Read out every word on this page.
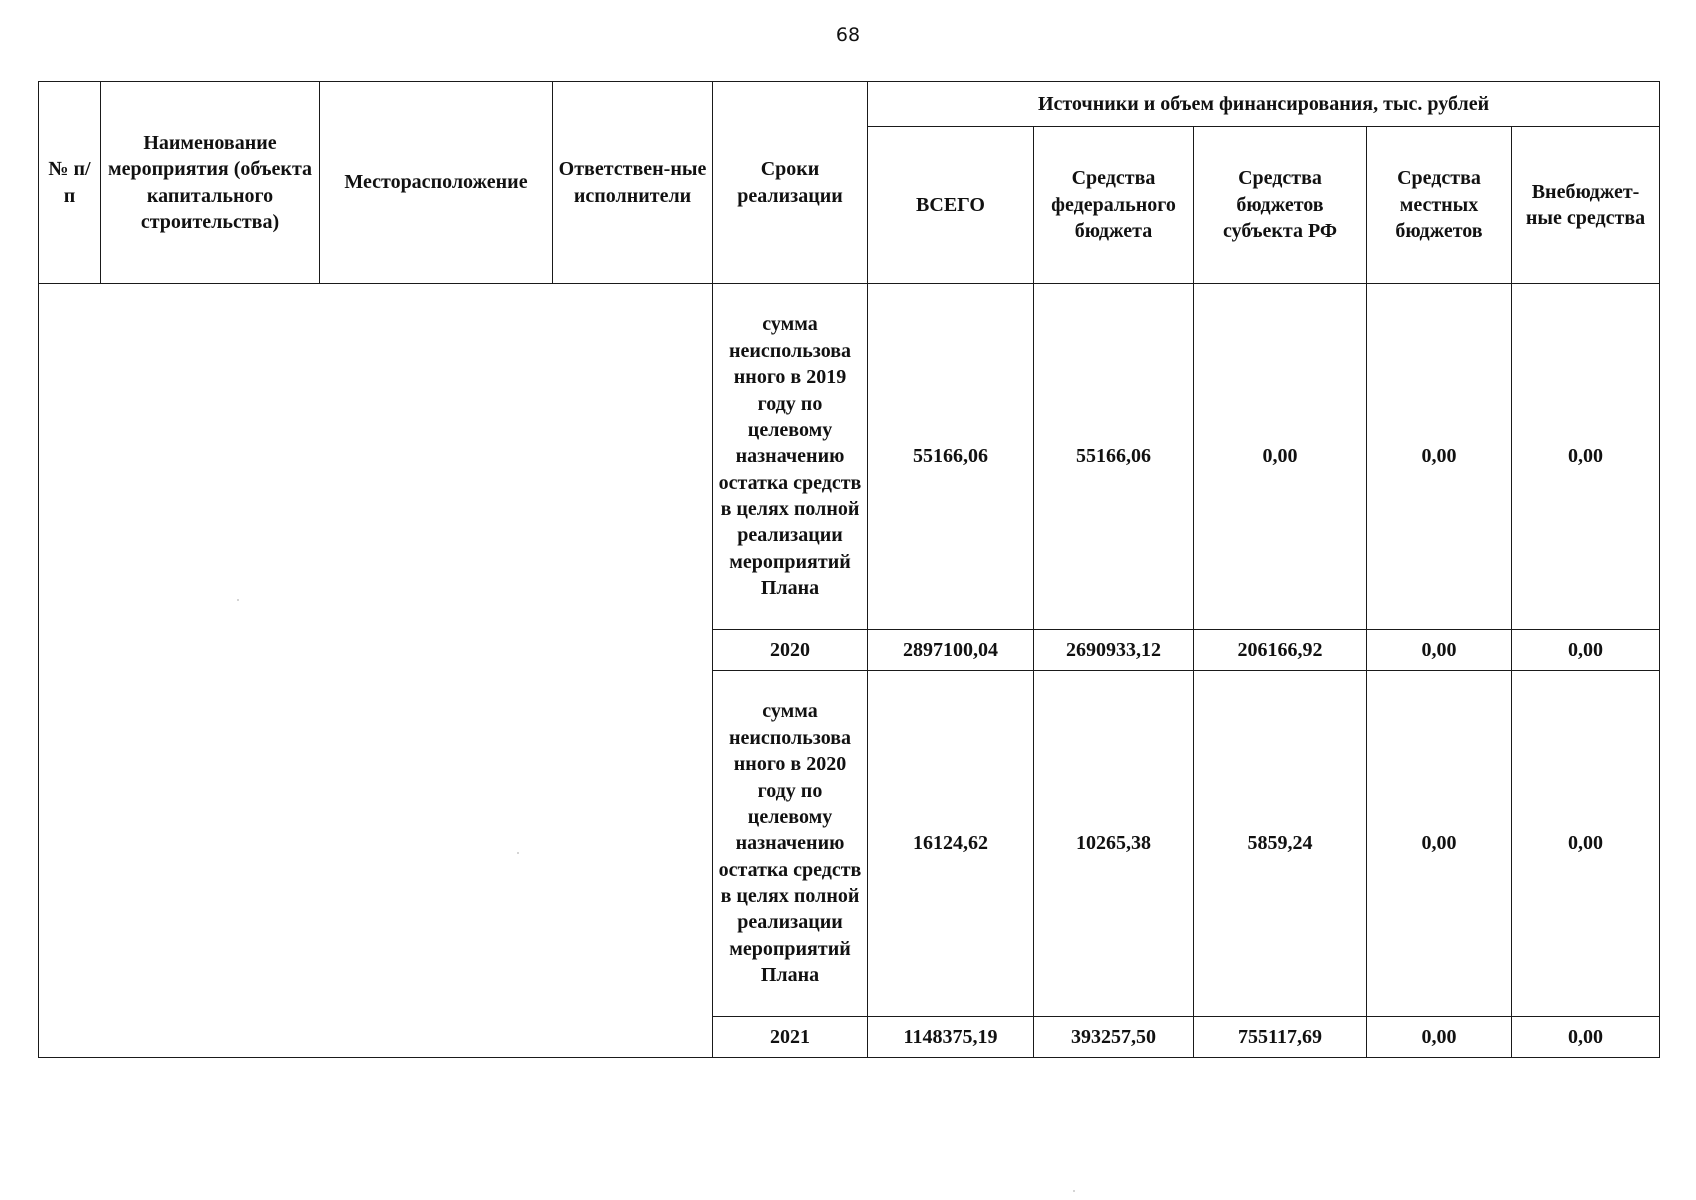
68
№ п/п	Наименование мероприятия (объекта капитального строительства)	Месторасположение	Ответствен-ные исполнители	Сроки реализации	Источники и объем финансирования, тыс. рублей				
					ВСЕГО	Средства федерального бюджета	Средства бюджетов субъекта РФ	Средства местных бюджетов	Внебюджет-ные средства
				сумма неиспользова нного в 2019 году по целевому назначению остатка средств в целях полной реализации мероприятий Плана	55166,06	55166,06	0,00	0,00	0,00
				2020	2897100,04	2690933,12	206166,92	0,00	0,00
				сумма неиспользова нного в 2020 году по целевому назначению остатка средств в целях полной реализации мероприятий Плана	16124,62	10265,38	5859,24	0,00	0,00
				2021	1148375,19	393257,50	755117,69	0,00	0,00
